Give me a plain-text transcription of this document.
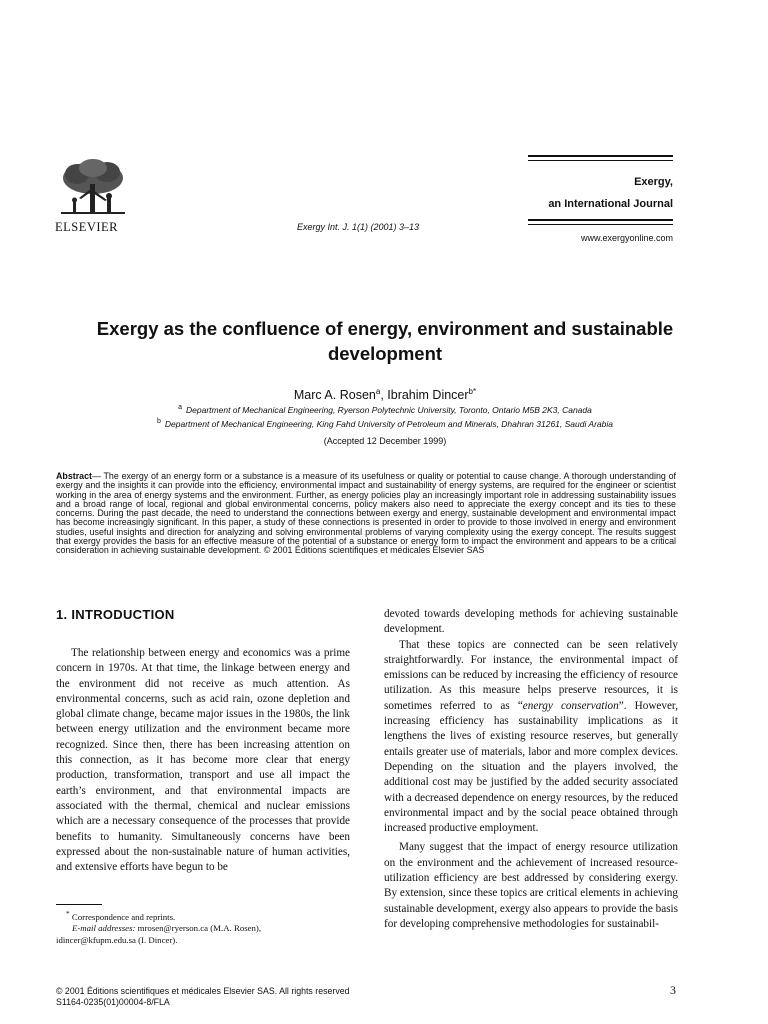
ELSEVIER	Exergy Int. J. 1(1) (2001) 3–13
Exergy,
an International Journal
www.exergyonline.com
Exergy as the confluence of energy, environment and sustainable development
Marc A. Rosen$^a$, Ibrahim Dincer$^{b*}$
$^a$ Department of Mechanical Engineering, Ryerson Polytechnic University, Toronto, Ontario M5B 2K3, Canada
$^b$ Department of Mechanical Engineering, King Fahd University of Petroleum and Minerals, Dhahran 31261, Saudi Arabia
(Accepted 12 December 1999)
Abstract— The exergy of an energy form or a substance is a measure of its usefulness or quality or potential to cause change. A thorough understanding of exergy and the insights it can provide into the efficiency, environmental impact and sustainability of energy systems, are required for the engineer or scientist working in the area of energy systems and the environment. Further, as energy policies play an increasingly important role in addressing sustainability issues and a broad range of local, regional and global environmental concerns, policy makers also need to appreciate the exergy concept and its ties to these concerns. During the past decade, the need to understand the connections between exergy and energy, sustainable development and environmental impact has become increasingly significant. In this paper, a study of these connections is presented in order to provide to those involved in energy and environment studies, useful insights and direction for analyzing and solving environmental problems of varying complexity using the exergy concept. The results suggest that exergy provides the basis for an effective measure of the potential of a substance or energy form to impact the environment and appears to be a critical consideration in achieving sustainable development. © 2001 Éditions scientifiques et médicales Elsevier SAS
1. INTRODUCTION

The relationship between energy and economics was a prime concern in 1970s. At that time, the linkage between energy and the environment did not receive as much attention. As environmental concerns, such as acid rain, ozone depletion and global climate change, became major issues in the 1980s, the link between energy utilization and the environment became more recognized. Since then, there has been increasing attention on this connection, as it has become more clear that energy production, transformation, transport and use all impact the earth’s environment, and that environmental impacts are associated with the thermal, chemical and nuclear emissions which are a necessary consequence of the processes that provide benefits to humanity. Simultaneously concerns have been expressed about the non-sustainable nature of human activities, and extensive efforts have begun to be

devoted towards developing methods for achieving sustainable development.

That these topics are connected can be seen relatively straightforwardly. For instance, the environmental impact of emissions can be reduced by increasing the efficiency of resource utilization. As this measure helps preserve resources, it is sometimes referred to as “energy conservation”. However, increasing efficiency has sustainability implications as it lengthens the lives of existing resource reserves, but generally entails greater use of materials, labor and more complex devices. Depending on the situation and the players involved, the additional cost may be justified by the added security associated with a decreased dependence on energy resources, by the reduced environmental impact and by the social peace obtained through increased productive employment.

Many suggest that the impact of energy resource utilization on the environment and the achievement of increased resource-utilization efficiency are best addressed by considering exergy. By extension, since these topics are critical elements in achieving sustainable development, exergy also appears to provide the basis for developing comprehensive methodologies for sustainabil-

* Correspondence and reprints.
E-mail addresses: mrosen@ryerson.ca (M.A. Rosen),
idincer@kfupm.edu.sa (I. Dincer).
© 2001 Éditions scientifiques et médicales Elsevier SAS. All rights reserved
S1164-0235(01)00004-8/FLA
3
